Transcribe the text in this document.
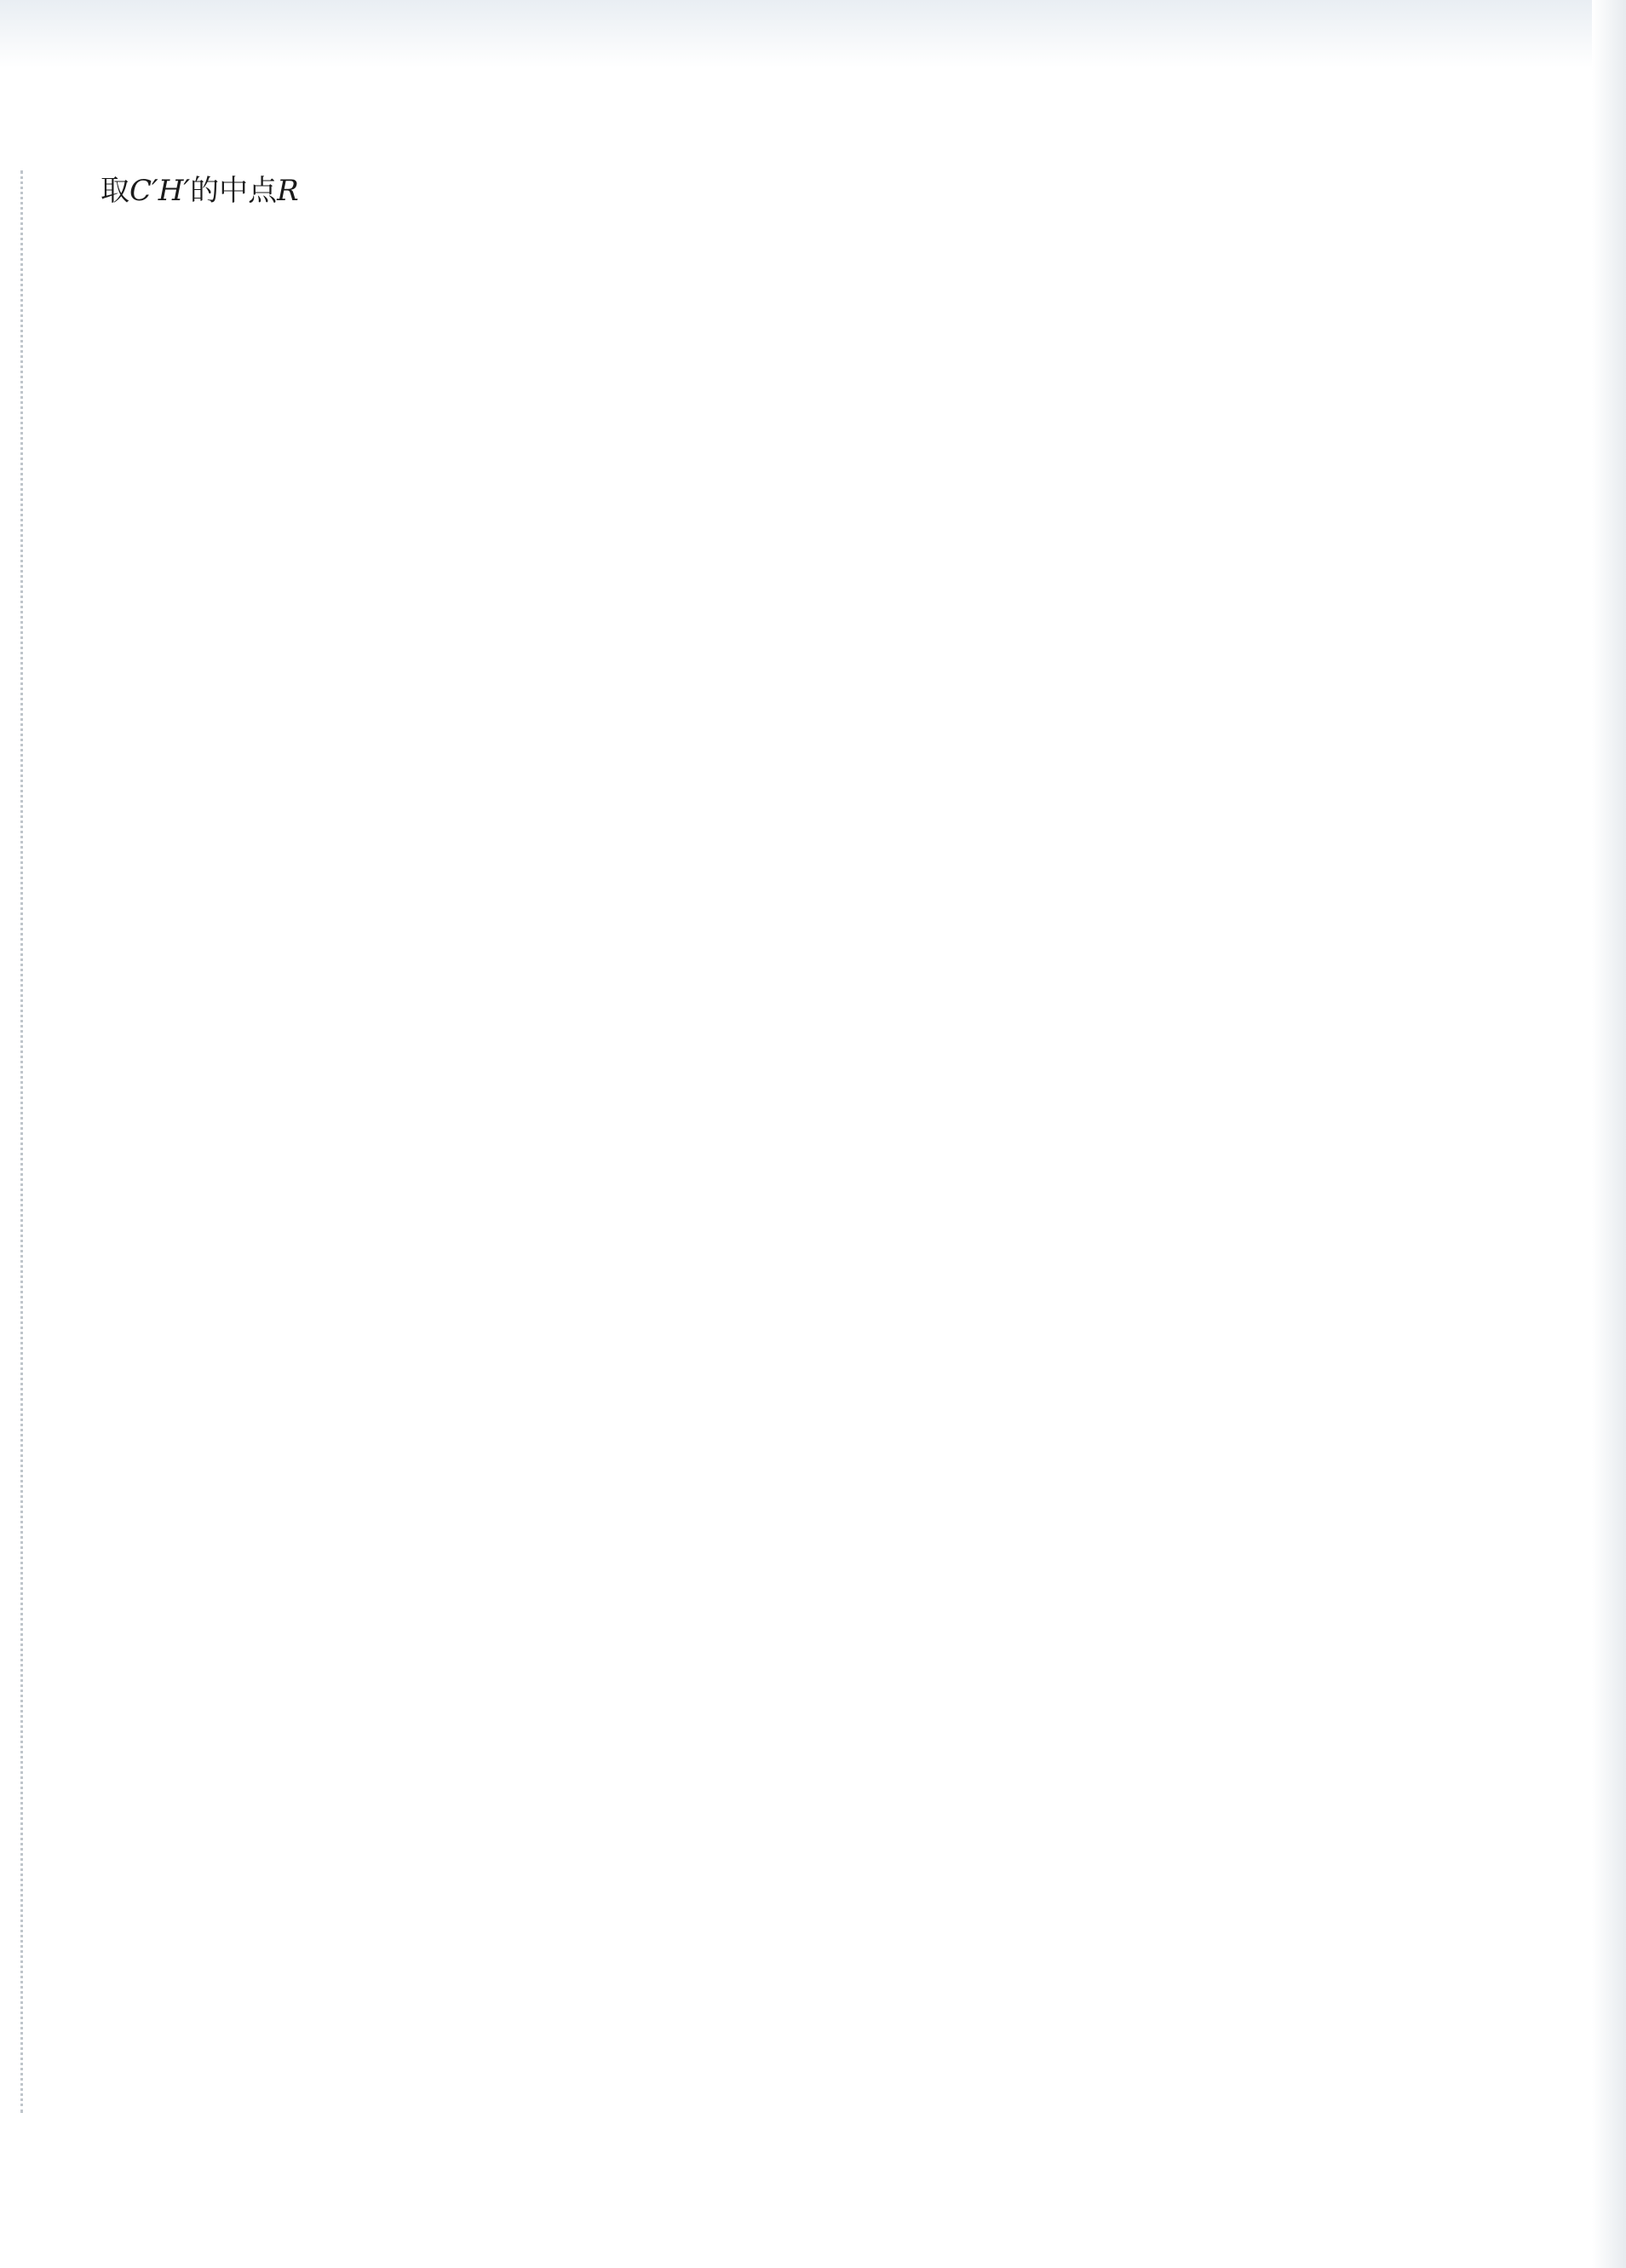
取C′H′的中点R
